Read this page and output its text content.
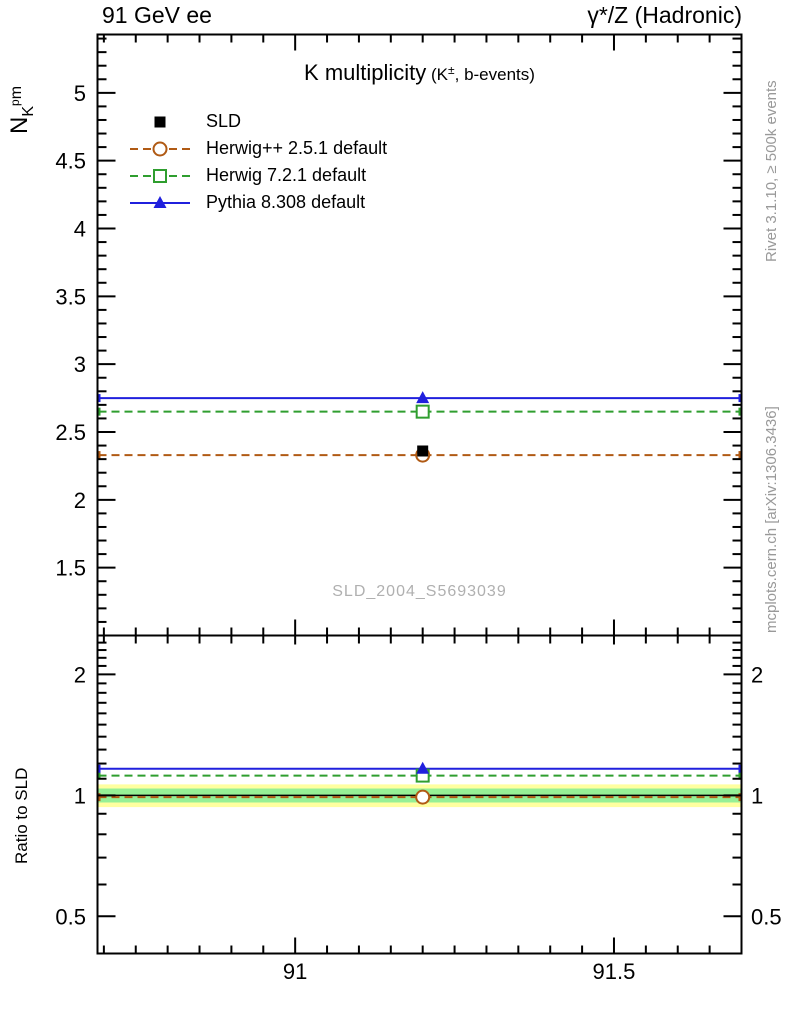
91 GeV ee	γ*/Z (Hadronic)
$N_K^{pm}$
K multiplicity (K±, b-events)
SLD
Herwig++ 2.5.1 default
Herwig 7.2.1 default
Pythia 8.308 default
SLD_2004_S5693039
Rivet 3.1.10, ≥ 500k events
mcplots.cern.ch [arXiv:1306.3436]
Ratio to SLD
1.5
2
2.5
3
3.5
4
4.5
5
0.5	0.5
1	1
2	2
91	91.5
